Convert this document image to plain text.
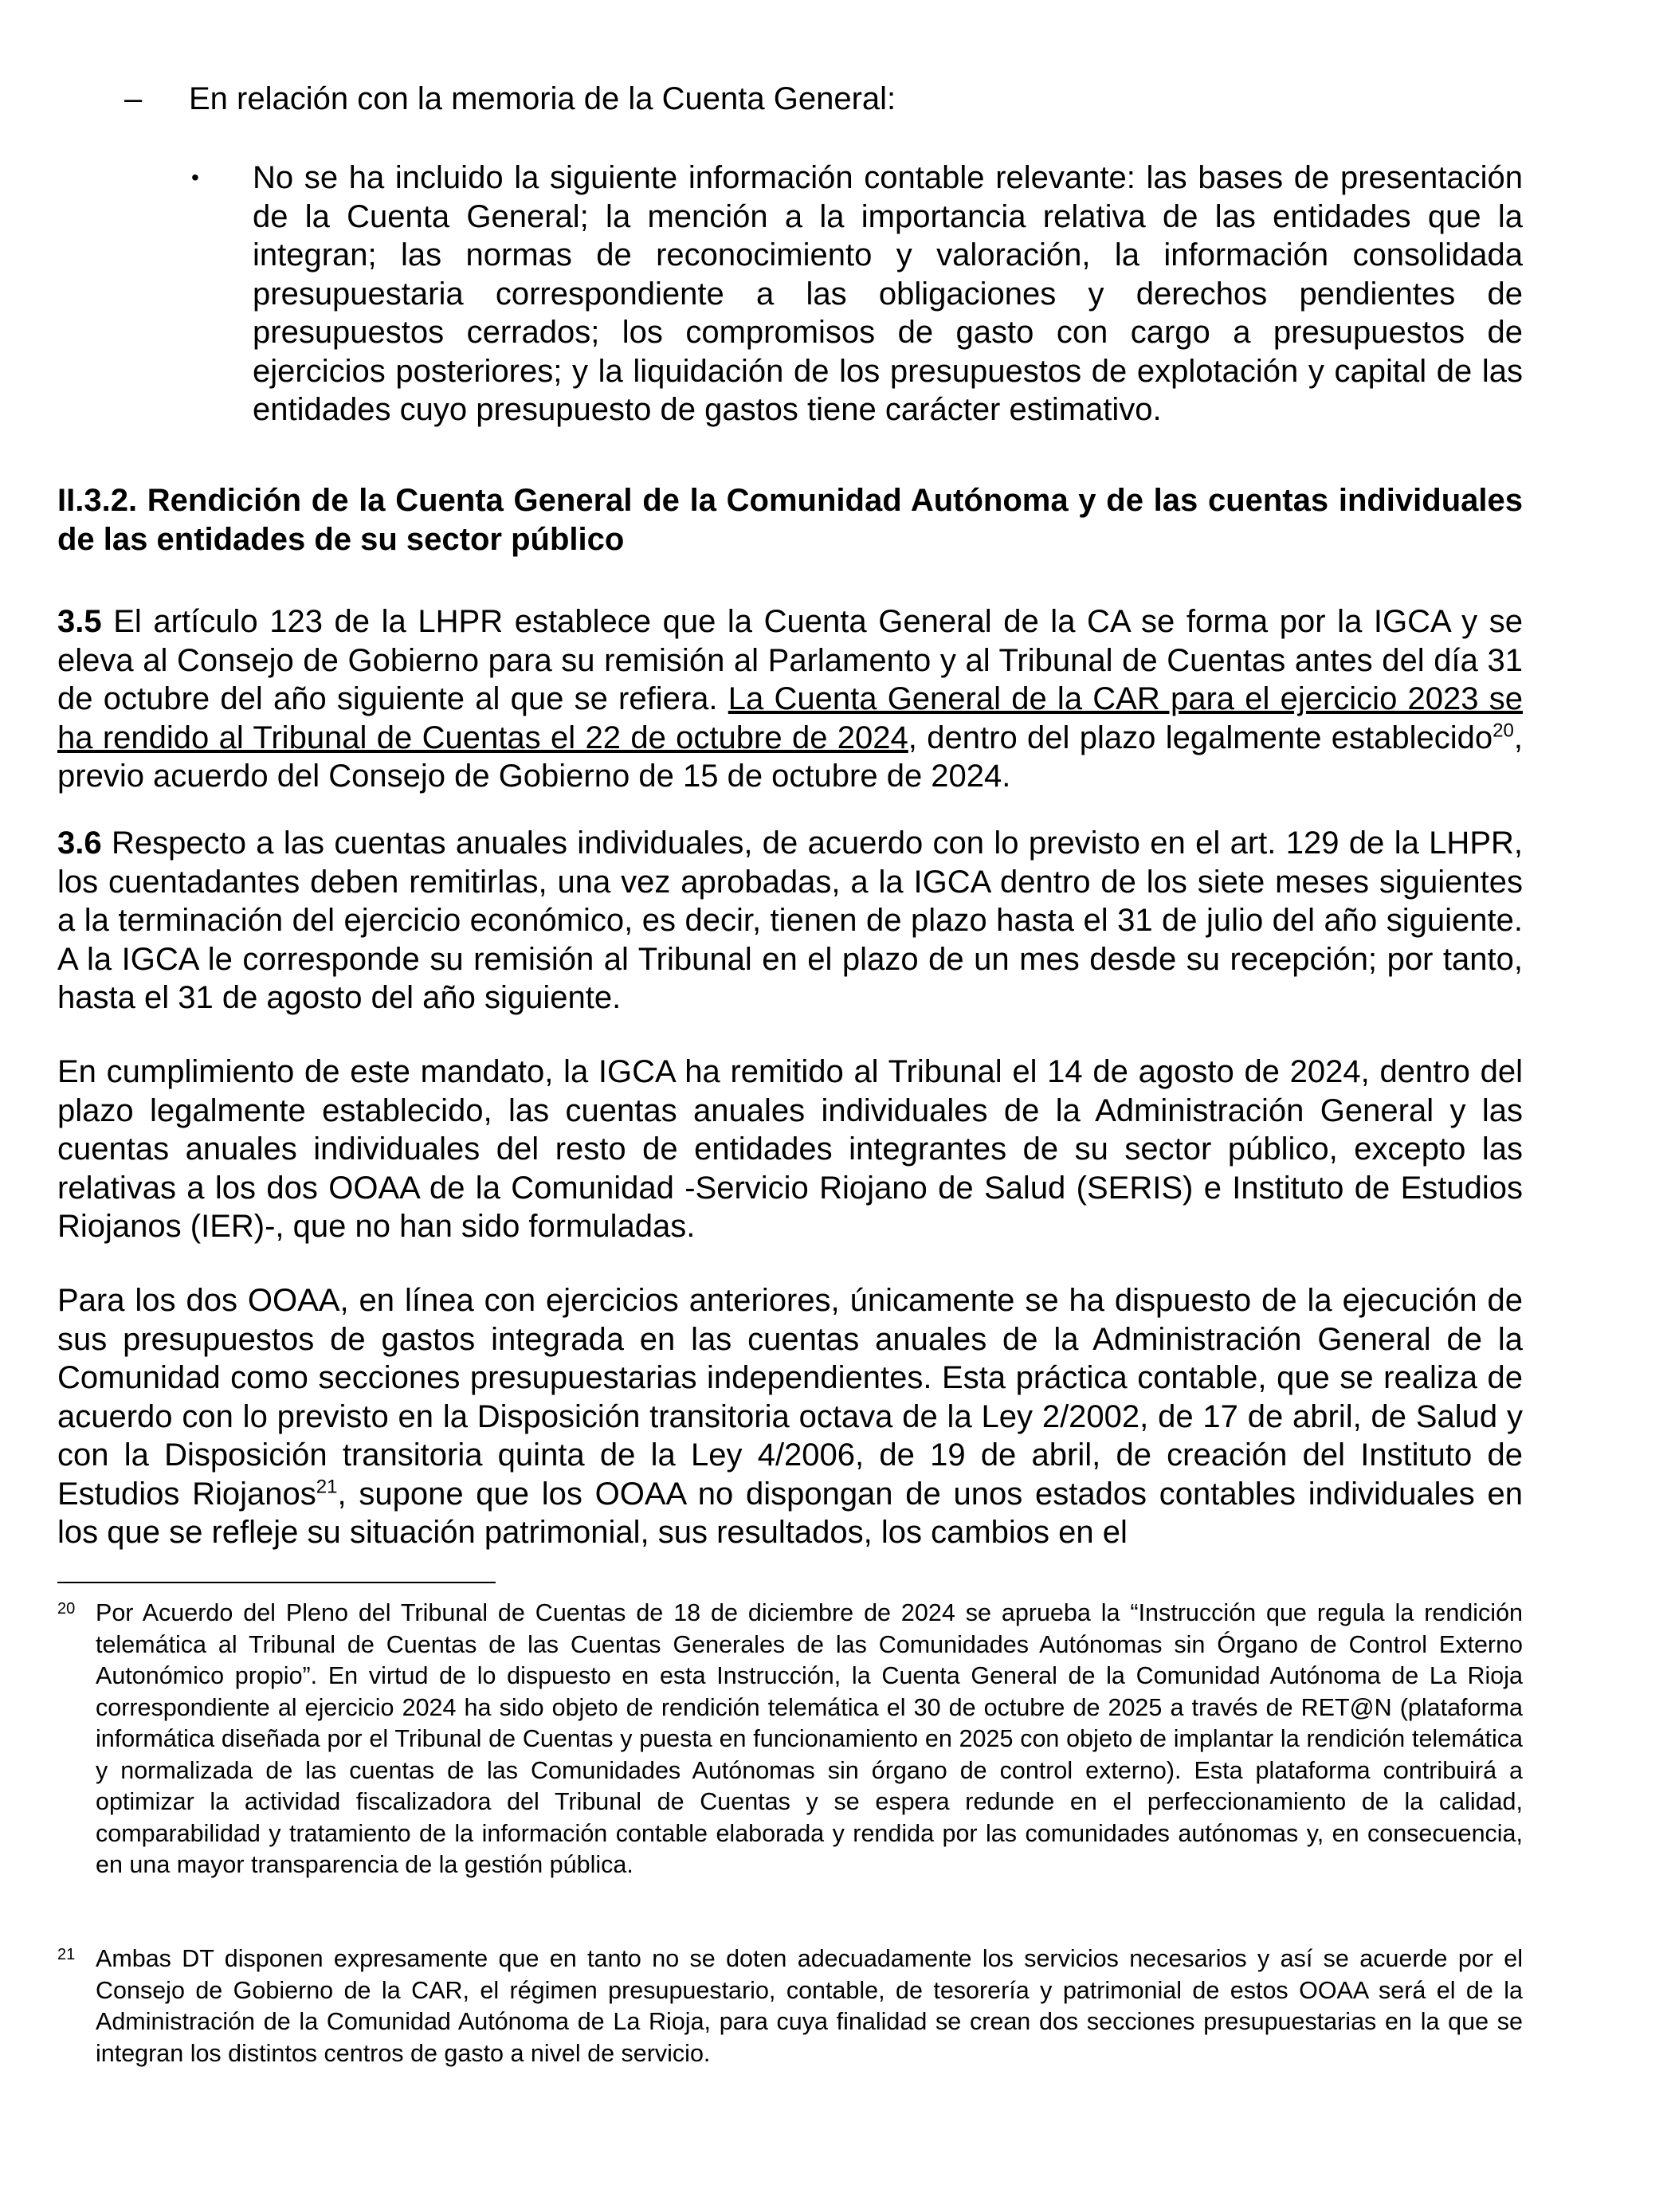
– En relación con la memoria de la Cuenta General:
• No se ha incluido la siguiente información contable relevante: las bases de presentación de la Cuenta General; la mención a la importancia relativa de las entidades que la integran; las normas de reconocimiento y valoración, la información consolidada presupuestaria correspondiente a las obligaciones y derechos pendientes de presupuestos cerrados; los compromisos de gasto con cargo a presupuestos de ejercicios posteriores; y la liquidación de los presupuestos de explotación y capital de las entidades cuyo presupuesto de gastos tiene carácter estimativo.
II.3.2. Rendición de la Cuenta General de la Comunidad Autónoma y de las cuentas individuales de las entidades de su sector público
3.5 El artículo 123 de la LHPR establece que la Cuenta General de la CA se forma por la IGCA y se eleva al Consejo de Gobierno para su remisión al Parlamento y al Tribunal de Cuentas antes del día 31 de octubre del año siguiente al que se refiera. La Cuenta General de la CAR para el ejercicio 2023 se ha rendido al Tribunal de Cuentas el 22 de octubre de 2024, dentro del plazo legalmente establecido$^{20}$, previo acuerdo del Consejo de Gobierno de 15 de octubre de 2024.
3.6 Respecto a las cuentas anuales individuales, de acuerdo con lo previsto en el art. 129 de la LHPR, los cuentadantes deben remitirlas, una vez aprobadas, a la IGCA dentro de los siete meses siguientes a la terminación del ejercicio económico, es decir, tienen de plazo hasta el 31 de julio del año siguiente. A la IGCA le corresponde su remisión al Tribunal en el plazo de un mes desde su recepción; por tanto, hasta el 31 de agosto del año siguiente.
En cumplimiento de este mandato, la IGCA ha remitido al Tribunal el 14 de agosto de 2024, dentro del plazo legalmente establecido, las cuentas anuales individuales de la Administración General y las cuentas anuales individuales del resto de entidades integrantes de su sector público, excepto las relativas a los dos OOAA de la Comunidad -Servicio Riojano de Salud (SERIS) e Instituto de Estudios Riojanos (IER)-, que no han sido formuladas.
Para los dos OOAA, en línea con ejercicios anteriores, únicamente se ha dispuesto de la ejecución de sus presupuestos de gastos integrada en las cuentas anuales de la Administración General de la Comunidad como secciones presupuestarias independientes. Esta práctica contable, que se realiza de acuerdo con lo previsto en la Disposición transitoria octava de la Ley 2/2002, de 17 de abril, de Salud y con la Disposición transitoria quinta de la Ley 4/2006, de 19 de abril, de creación del Instituto de Estudios Riojanos$^{21}$, supone que los OOAA no dispongan de unos estados contables individuales en los que se refleje su situación patrimonial, sus resultados, los cambios en el
20 Por Acuerdo del Pleno del Tribunal de Cuentas de 18 de diciembre de 2024 se aprueba la “Instrucción que regula la rendición telemática al Tribunal de Cuentas de las Cuentas Generales de las Comunidades Autónomas sin Órgano de Control Externo Autonómico propio”. En virtud de lo dispuesto en esta Instrucción, la Cuenta General de la Comunidad Autónoma de La Rioja correspondiente al ejercicio 2024 ha sido objeto de rendición telemática el 30 de octubre de 2025 a través de RET@N (plataforma informática diseñada por el Tribunal de Cuentas y puesta en funcionamiento en 2025 con objeto de implantar la rendición telemática y normalizada de las cuentas de las Comunidades Autónomas sin órgano de control externo). Esta plataforma contribuirá a optimizar la actividad fiscalizadora del Tribunal de Cuentas y se espera redunde en el perfeccionamiento de la calidad, comparabilidad y tratamiento de la información contable elaborada y rendida por las comunidades autónomas y, en consecuencia, en una mayor transparencia de la gestión pública.
21 Ambas DT disponen expresamente que en tanto no se doten adecuadamente los servicios necesarios y así se acuerde por el Consejo de Gobierno de la CAR, el régimen presupuestario, contable, de tesorería y patrimonial de estos OOAA será el de la Administración de la Comunidad Autónoma de La Rioja, para cuya finalidad se crean dos secciones presupuestarias en la que se integran los distintos centros de gasto a nivel de servicio.
